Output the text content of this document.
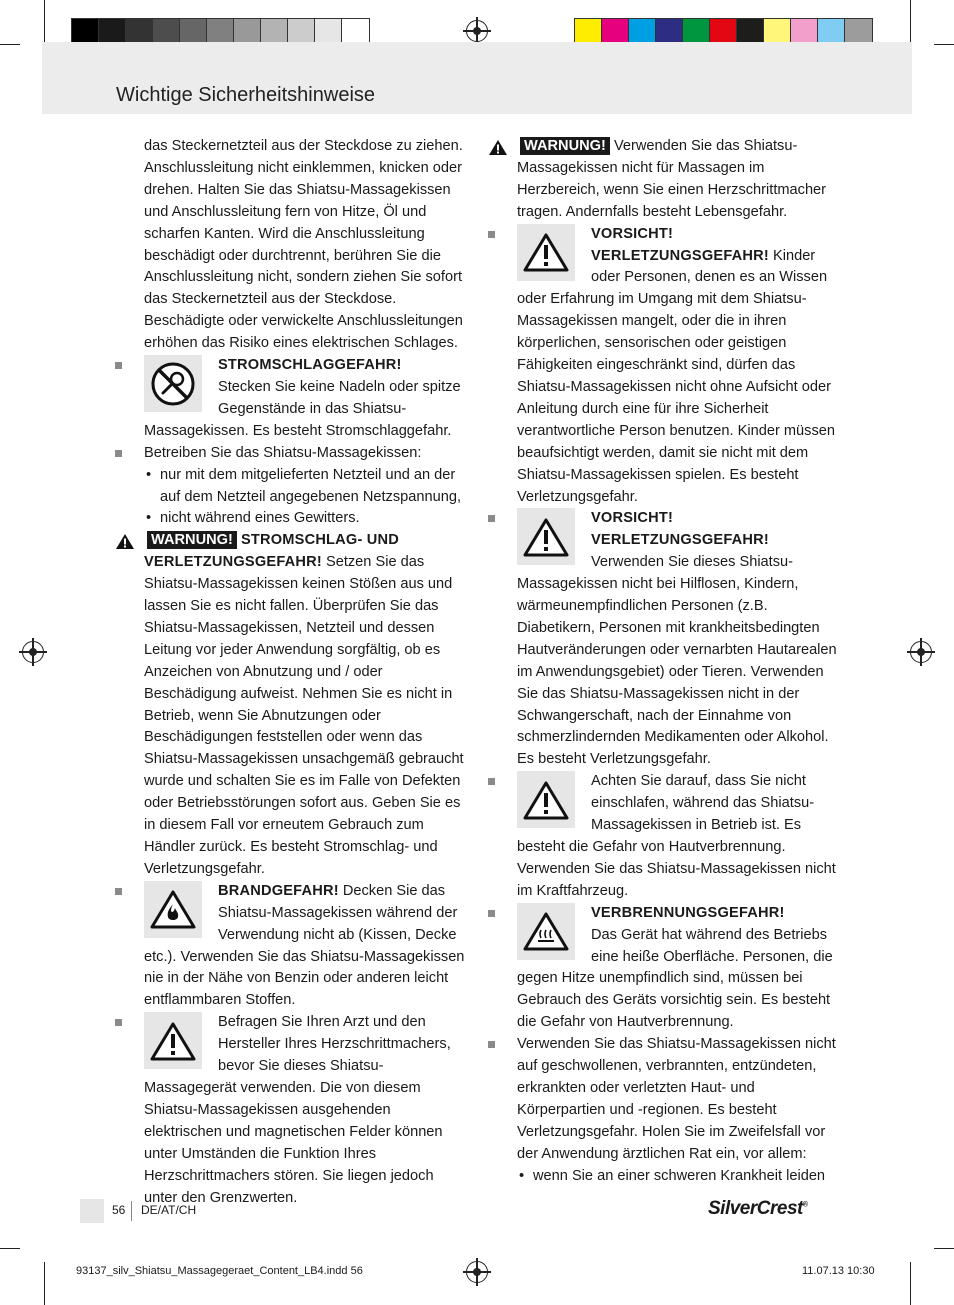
Wichtige Sicherheitshinweise

das Steckernetzteil aus der Steckdose zu ziehen. Anschlussleitung nicht einklemmen, knicken oder drehen. Halten Sie das Shiatsu-Massagekissen und Anschlussleitung fern von Hitze, Öl und scharfen Kanten. Wird die Anschlussleitung beschädigt oder durchtrennt, berühren Sie die Anschlussleitung nicht, sondern ziehen Sie sofort das Steckernetzteil aus der Steckdose. Beschädigte oder verwickelte Anschlussleitungen erhöhen das Risiko eines elektrischen Schlages.

STROMSCHLAGGEFAHR!
Stecken Sie keine Nadeln oder spitze Gegenstände in das Shiatsu-Massagekissen. Es besteht Stromschlaggefahr.
Betreiben Sie das Shiatsu-Massagekissen:
• nur mit dem mitgelieferten Netzteil und an der auf dem Netzteil angegebenen Netzspannung,
• nicht während eines Gewitters.
WARNUNG! STROMSCHLAG- UND VERLETZUNGSGEFAHR! Setzen Sie das Shiatsu-Massagekissen keinen Stößen aus und lassen Sie es nicht fallen. Überprüfen Sie das Shiatsu-Massagekissen, Netzteil und dessen Leitung vor jeder Anwendung sorgfältig, ob es Anzeichen von Abnutzung und / oder Beschädigung aufweist. Nehmen Sie es nicht in Betrieb, wenn Sie Abnutzungen oder Beschädigungen feststellen oder wenn das Shiatsu-Massagekissen unsachgemäß gebraucht wurde und schalten Sie es im Falle von Defekten oder Betriebsstörungen sofort aus. Geben Sie es in diesem Fall vor erneutem Gebrauch zum Händler zurück. Es besteht Stromschlag- und Verletzungsgefahr.
BRANDGEFAHR! Decken Sie das Shiatsu-Massagekissen während der Verwendung nicht ab (Kissen, Decke etc.). Verwenden Sie das Shiatsu-Massagekissen nie in der Nähe von Benzin oder anderen leicht entflammbaren Stoffen.
Befragen Sie Ihren Arzt und den Hersteller Ihres Herzschrittmachers, bevor Sie dieses Shiatsu-Massagegerät verwenden. Die von diesem Shiatsu-Massagekissen ausgehenden elektrischen und magnetischen Felder können unter Umständen die Funktion Ihres Herzschrittmachers stören. Sie liegen jedoch unter den Grenzwerten.
WARNUNG! Verwenden Sie das Shiatsu-Massagekissen nicht für Massagen im Herzbereich, wenn Sie einen Herzschrittmacher tragen. Andernfalls besteht Lebensgefahr.
VORSICHT! VERLETZUNGSGEFAHR! Kinder oder Personen, denen es an Wissen oder Erfahrung im Umgang mit dem Shiatsu-Massagekissen mangelt, oder die in ihren körperlichen, sensorischen oder geistigen Fähigkeiten eingeschränkt sind, dürfen das Shiatsu-Massagekissen nicht ohne Aufsicht oder Anleitung durch eine für ihre Sicherheit verantwortliche Person benutzen. Kinder müssen beaufsichtigt werden, damit sie nicht mit dem Shiatsu-Massagekissen spielen. Es besteht Verletzungsgefahr.
VORSICHT! VERLETZUNGSGEFAHR! Verwenden Sie dieses Shiatsu-Massagekissen nicht bei Hilflosen, Kindern, wärmeunempfindlichen Personen (z.B. Diabetikern, Personen mit krankheitsbedingten Hautveränderungen oder vernarbten Hautarealen im Anwendungsgebiet) oder Tieren. Verwenden Sie das Shiatsu-Massagekissen nicht in der Schwangerschaft, nach der Einnahme von schmerzlindernden Medikamenten oder Alkohol. Es besteht Verletzungsgefahr.
Achten Sie darauf, dass Sie nicht einschlafen, während das Shiatsu-Massagekissen in Betrieb ist. Es besteht die Gefahr von Hautverbrennung. Verwenden Sie das Shiatsu-Massagekissen nicht im Kraftfahrzeug.
VERBRENNUNGSGEFAHR!
Das Gerät hat während des Betriebs eine heiße Oberfläche. Personen, die gegen Hitze unempfindlich sind, müssen bei Gebrauch des Geräts vorsichtig sein. Es besteht die Gefahr von Hautverbrennung.
Verwenden Sie das Shiatsu-Massagekissen nicht auf geschwollenen, verbrannten, entzündeten, erkrankten oder verletzten Haut- und Körperpartien und -regionen. Es besteht Verletzungsgefahr. Holen Sie im Zweifelsfall vor der Anwendung ärztlichen Rat ein, vor allem:
• wenn Sie an einer schweren Krankheit leiden
56 DE/AT/CH	SilverCrest®
93137_silv_Shiatsu_Massagegeraet_Content_LB4.indd 56	11.07.13 10:30
